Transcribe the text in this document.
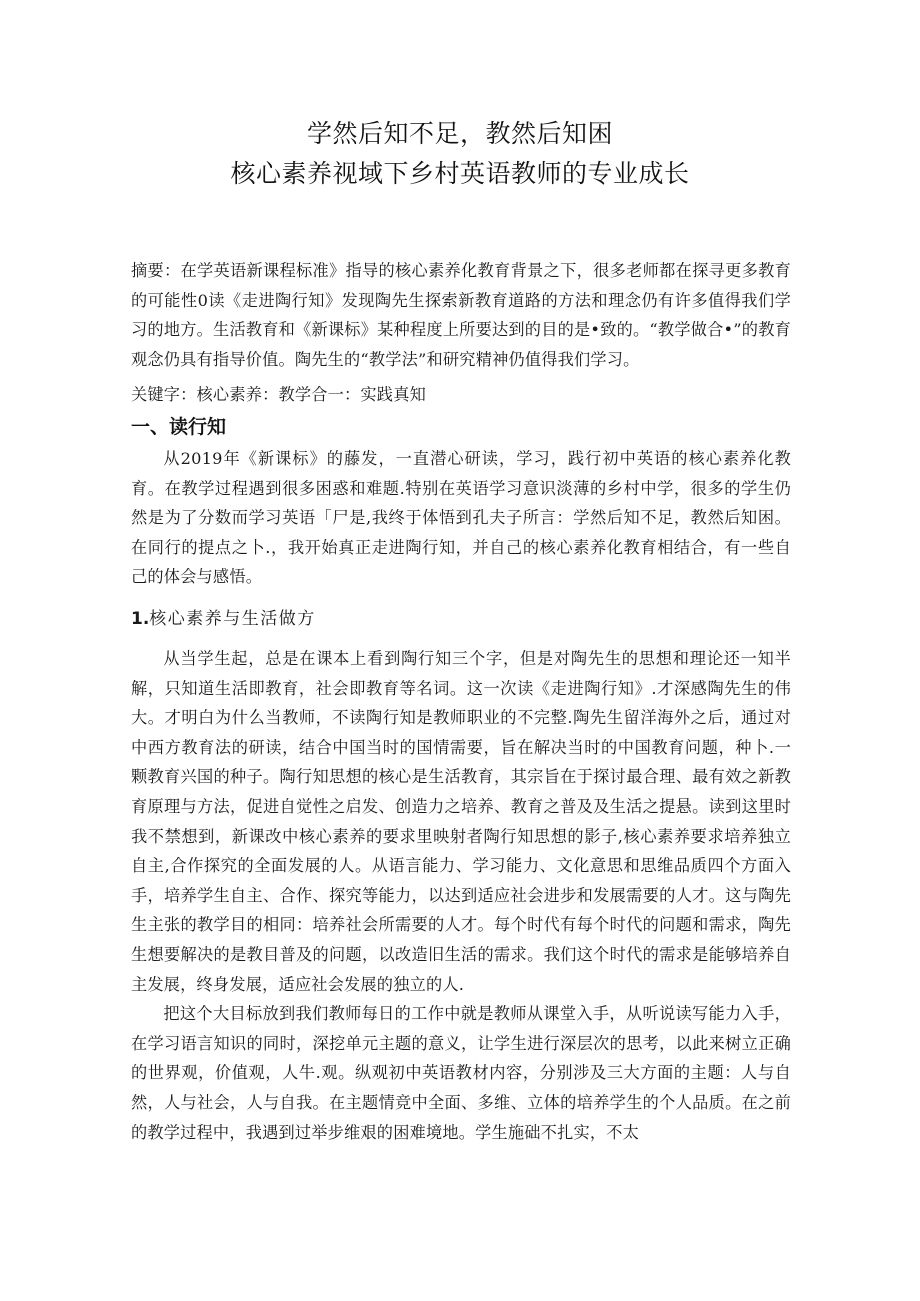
学然后知不足，教然后知困
核心素养视域下乡村英语教师的专业成长

摘要：在学英语新课程标准》指导的核心素养化教育背景之下，很多老师都在探寻更多教育的可能性0读《走进陶行知》发现陶先生探索新教育道路的方法和理念仍有许多值得我们学习的地方。生活教育和《新课标》某种程度上所要达到的目的是•致的。“教学做合•”的教育观念仍具有指导价值。陶先生的“教学法”和研究精神仍值得我们学习。

关键字：核心素养：教学合一：实践真知

一、读行知

从2019年《新课标》的藤发，一直潜心研读，学习，践行初中英语的核心素养化教育。在教学过程遇到很多困惑和难题.特别在英语学习意识淡薄的乡村中学，很多的学生仍然是为了分数而学习英语「尸是,我终于体悟到孔夫子所言：学然后知不足，教然后知困。在同行的提点之卜.，我开始真正走进陶行知，并自己的核心素养化教育相结合，有一些自己的体会与感悟。

1.核心素养与生活做方

从当学生起，总是在课本上看到陶行知三个字，但是对陶先生的思想和理论还一知半解，只知道生活即教育，社会即教育等名词。这一次读《走进陶行知》.才深感陶先生的伟大。才明白为什么当教师，不读陶行知是教师职业的不完整.陶先生留洋海外之后，通过对中西方教育法的研读，结合中国当时的国情需要，旨在解决当时的中国教育问题，种卜.一颗教育兴国的种子。陶行知思想的核心是生活教育，其宗旨在于探讨最合理、最有效之新教育原理与方法，促进自觉性之启发、创造力之培养、教育之普及及生活之提悬。读到这里时我不禁想到，新课改中核心素养的要求里映射者陶行知思想的影子,核心素养要求培养独立自主,合作探究的全面发展的人。从语言能力、学习能力、文化意思和思维品质四个方面入手，培养学生自主、合作、探究等能力，以达到适应社会进步和发展需要的人才。这与陶先生主张的教学目的相同：培养社会所需要的人才。每个时代有每个时代的问题和需求，陶先生想要解决的是教目普及的问题，以改造旧生活的需求。我们这个时代的需求是能够培养自主发展，终身发展，适应社会发展的独立的人.

把这个大目标放到我们教师每日的工作中就是教师从课堂入手，从听说读写能力入手，在学习语言知识的同时，深挖单元主题的意义，让学生进行深层次的思考，以此来树立正确的世界观，价值观，人牛.观。纵观初中英语教材内容，分别涉及三大方面的主题：人与自然，人与社会，人与自我。在主题情竞中全面、多维、立体的培养学生的个人品质。在之前的教学过程中，我遇到过举步维艰的困难境地。学生施础不扎实，不太
